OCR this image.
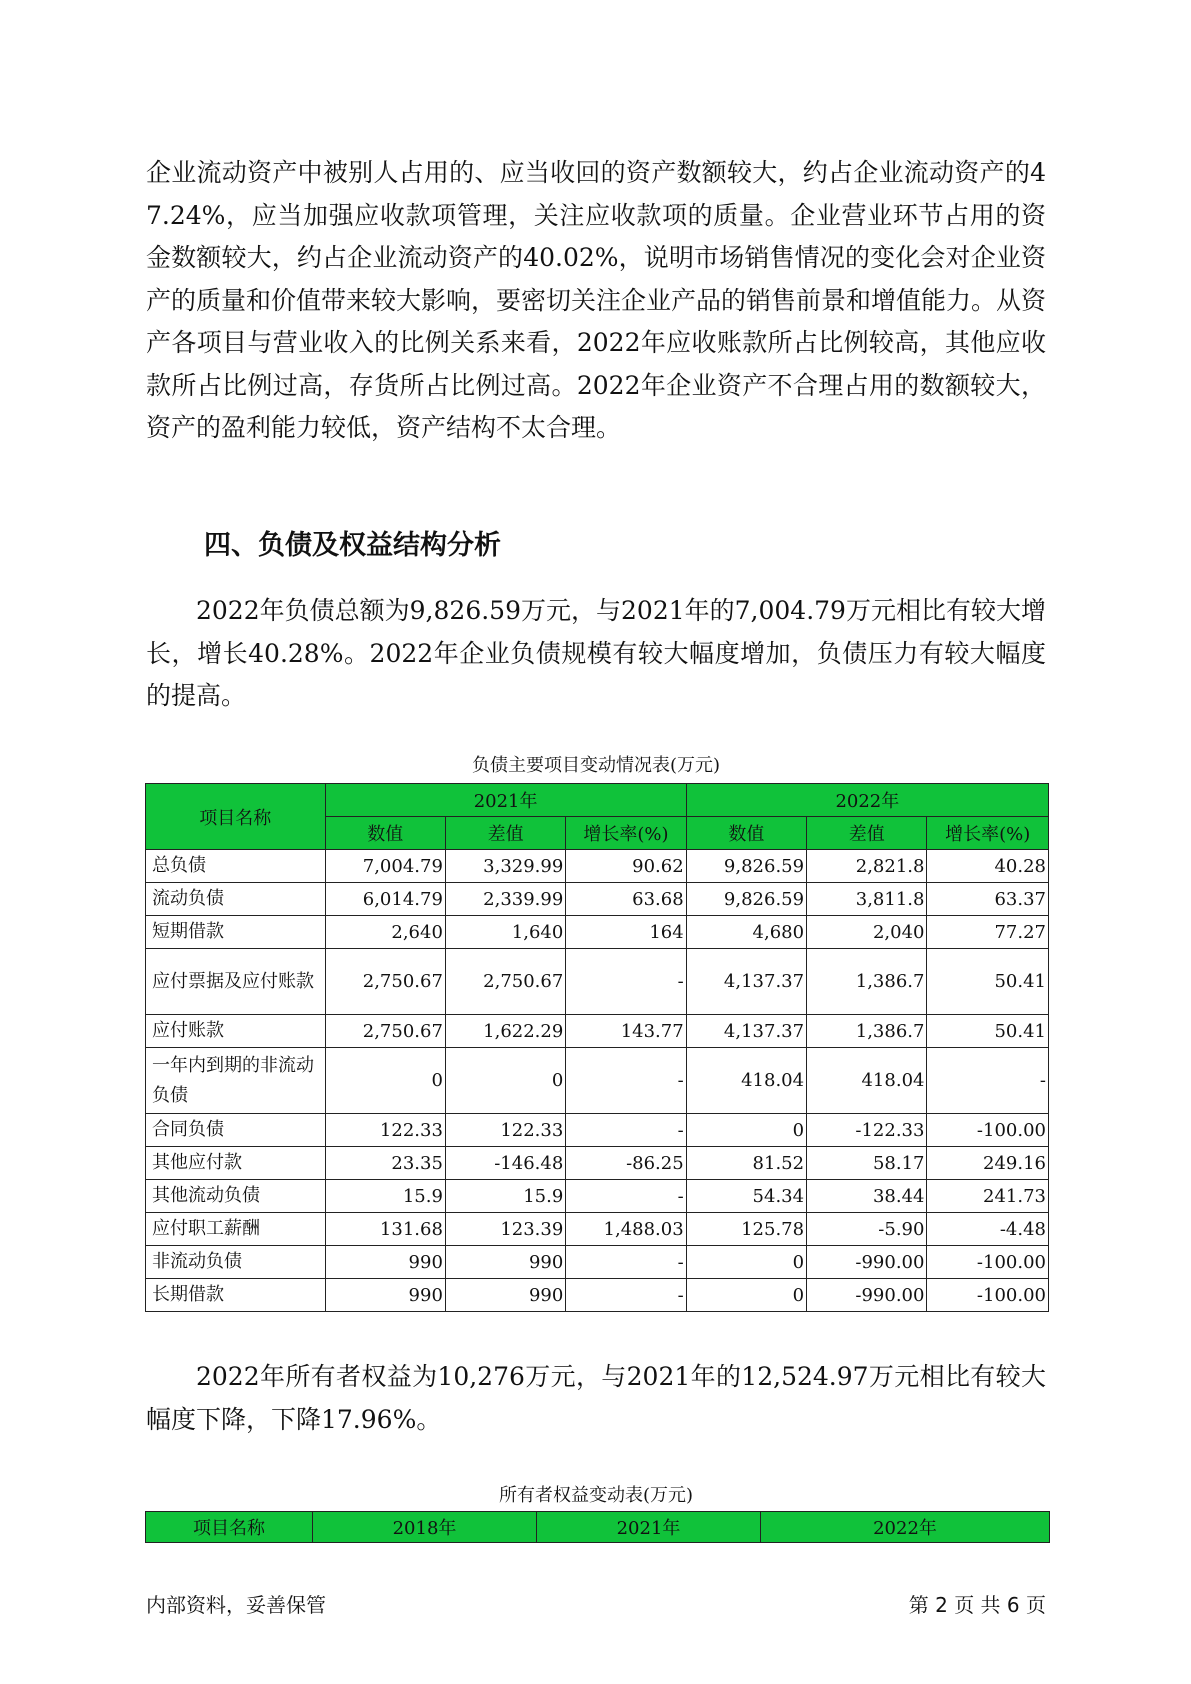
企业流动资产中被别人占用的、应当收回的资产数额较大，约占企业流动资产的47.24%，应当加强应收款项管理，关注应收款项的质量。企业营业环节占用的资金数额较大，约占企业流动资产的40.02%，说明市场销售情况的变化会对企业资产的质量和价值带来较大影响，要密切关注企业产品的销售前景和增值能力。从资产各项目与营业收入的比例关系来看，2022年应收账款所占比例较高，其他应收款所占比例过高，存货所占比例过高。2022年企业资产不合理占用的数额较大，资产的盈利能力较低，资产结构不太合理。

四、负债及权益结构分析

2022年负债总额为9,826.59万元，与2021年的7,004.79万元相比有较大增长，增长40.28%。2022年企业负债规模有较大幅度增加，负债压力有较大幅度的提高。

负债主要项目变动情况表(万元)
项目名称	2021年			2022年		
	数值	差值	增长率(%)	数值	差值	增长率(%)
总负债	7,004.79	3,329.99	90.62	9,826.59	2,821.8	40.28
流动负债	6,014.79	2,339.99	63.68	9,826.59	3,811.8	63.37
短期借款	2,640	1,640	164	4,680	2,040	77.27
应付票据及应付账款	2,750.67	2,750.67	-	4,137.37	1,386.7	50.41
应付账款	2,750.67	1,622.29	143.77	4,137.37	1,386.7	50.41
一年内到期的非流动负债	0	0	-	418.04	418.04	-
合同负债	122.33	122.33	-	0	-122.33	-100.00
其他应付款	23.35	-146.48	-86.25	81.52	58.17	249.16
其他流动负债	15.9	15.9	-	54.34	38.44	241.73
应付职工薪酬	131.68	123.39	1,488.03	125.78	-5.90	-4.48
非流动负债	990	990	-	0	-990.00	-100.00
长期借款	990	990	-	0	-990.00	-100.00

2022年所有者权益为10,276万元，与2021年的12,524.97万元相比有较大幅度下降，下降17.96%。

所有者权益变动表(万元)
项目名称	2018年	2021年	2022年
内部资料，妥善保管	第 2 页 共 6 页
